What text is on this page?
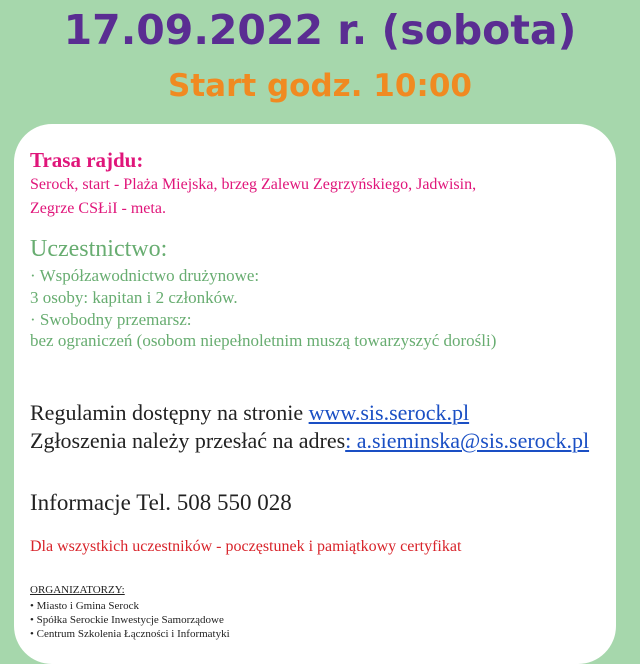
17.09.2022 r. (sobota)
Start godz. 10:00
Trasa rajdu:
Serock, start - Plaża Miejska, brzeg Zalewu Zegrzyńskiego, Jadwisin,
Zegrze CSŁiI - meta.
Uczestnictwo:
· Współzawodnictwo drużynowe:
3 osoby: kapitan i 2 członków.
· Swobodny przemarsz:
bez ograniczeń (osobom niepełnoletnim muszą towarzyszyć dorośli)
Regulamin dostępny na stronie www.sis.serock.pl
Zgłoszenia należy przesłać na adres: a.sieminska@sis.serock.pl
Informacje Tel. 508 550 028
Dla wszystkich uczestników - poczęstunek i pamiątkowy certyfikat
ORGANIZATORZY:
• Miasto i Gmina Serock
• Spółka Serockie Inwestycje Samorządowe
• Centrum Szkolenia Łączności i Informatyki
